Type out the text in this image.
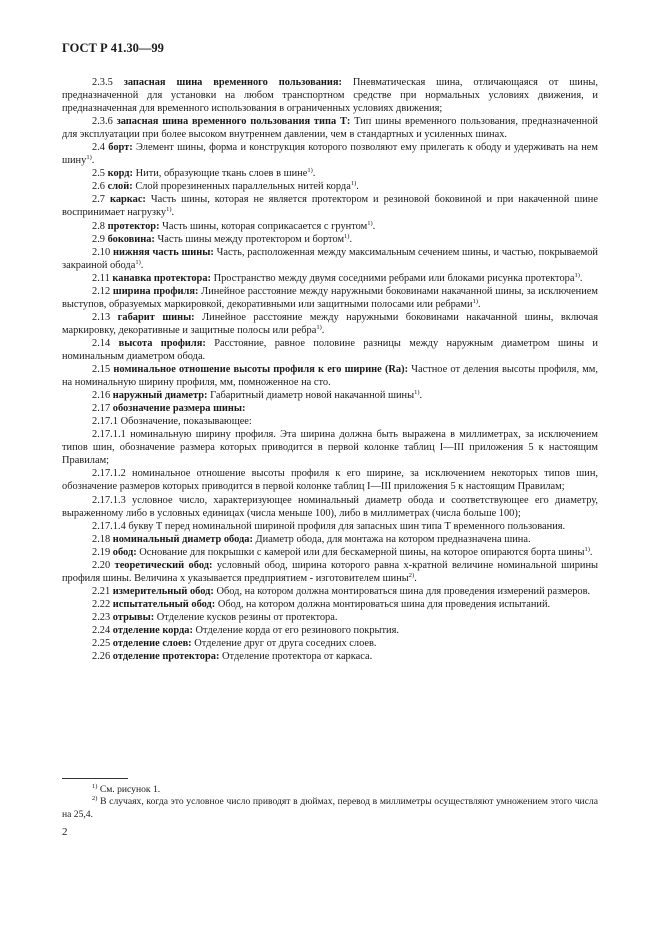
ГОСТ Р 41.30—99

2.3.5 запасная шина временного пользования: Пневматическая шина, отличающаяся от шины, предназначенной для установки на любом транспортном средстве при нормальных условиях движения, и предназначенная для временного использования в ограниченных условиях движения;

2.3.6 запасная шина временного пользования типа Т: Тип шины временного пользования, предназначенной для эксплуатации при более высоком внутреннем давлении, чем в стандартных и усиленных шинах.

2.4 борт: Элемент шины, форма и конструкция которого позволяют ему прилегать к ободу и удерживать на нем шину$^{1)}$.

2.5 корд: Нити, образующие ткань слоев в шине$^{1)}$.

2.6 слой: Слой прорезиненных параллельных нитей корда$^{1)}$.

2.7 каркас: Часть шины, которая не является протектором и резиновой боковиной и при накаченной шине воспринимает нагрузку$^{1)}$.

2.8 протектор: Часть шины, которая соприкасается с грунтом$^{1)}$.

2.9 боковина: Часть шины между протектором и бортом$^{1)}$.

2.10 нижняя часть шины: Часть, расположенная между максимальным сечением шины, и частью, покрываемой закраиной обода$^{1)}$.

2.11 канавка протектора: Пространство между двумя соседними ребрами или блоками рисунка протектора$^{1)}$.

2.12 ширина профиля: Линейное расстояние между наружными боковинами накачанной шины, за исключением выступов, образуемых маркировкой, декоративными или защитными полосами или ребрами$^{1)}$.

2.13 габарит шины: Линейное расстояние между наружными боковинами накачанной шины, включая маркировку, декоративные и защитные полосы или ребра$^{1)}$.

2.14 высота профиля: Расстояние, равное половине разницы между наружным диаметром шины и номинальным диаметром обода.

2.15 номинальное отношение высоты профиля к его ширине (Ra): Частное от деления высоты профиля, мм, на номинальную ширину профиля, мм, помноженное на сто.

2.16 наружный диаметр: Габаритный диаметр новой накачанной шины$^{1)}$.

2.17 обозначение размера шины:

2.17.1 Обозначение, показывающее:

2.17.1.1 номинальную ширину профиля. Эта ширина должна быть выражена в миллиметрах, за исключением типов шин, обозначение размера которых приводится в первой колонке таблиц I—III приложения 5 к настоящим Правилам;

2.17.1.2 номинальное отношение высоты профиля к его ширине, за исключением некоторых типов шин, обозначение размеров которых приводится в первой колонке таблиц I—III приложения 5 к настоящим Правилам;

2.17.1.3 условное число, характеризующее номинальный диаметр обода и соответствующее его диаметру, выраженному либо в условных единицах (числа меньше 100), либо в миллиметрах (числа больше 100);

2.17.1.4 букву Т перед номинальной шириной профиля для запасных шин типа Т временного пользования.

2.18 номинальный диаметр обода: Диаметр обода, для монтажа на котором предназначена шина.

2.19 обод: Основание для покрышки с камерой или для бескамерной шины, на которое опираются борта шины$^{1)}$.

2.20 теоретический обод: условный обод, ширина которого равна x-кратной величине номинальной ширины профиля шины. Величина x указывается предприятием - изготовителем шины$^{2)}$.

2.21 измерительный обод: Обод, на котором должна монтироваться шина для проведения измерений размеров.

2.22 испытательный обод: Обод, на котором должна монтироваться шина для проведения испытаний.

2.23 отрывы: Отделение кусков резины от протектора.

2.24 отделение корда: Отделение корда от его резинового покрытия.

2.25 отделение слоев: Отделение друг от друга соседних слоев.

2.26 отделение протектора: Отделение протектора от каркаса.

$^{1)}$ См. рисунок 1.

$^{2)}$ В случаях, когда это условное число приводят в дюймах, перевод в миллиметры осуществляют умножением этого числа на 25,4.

2
